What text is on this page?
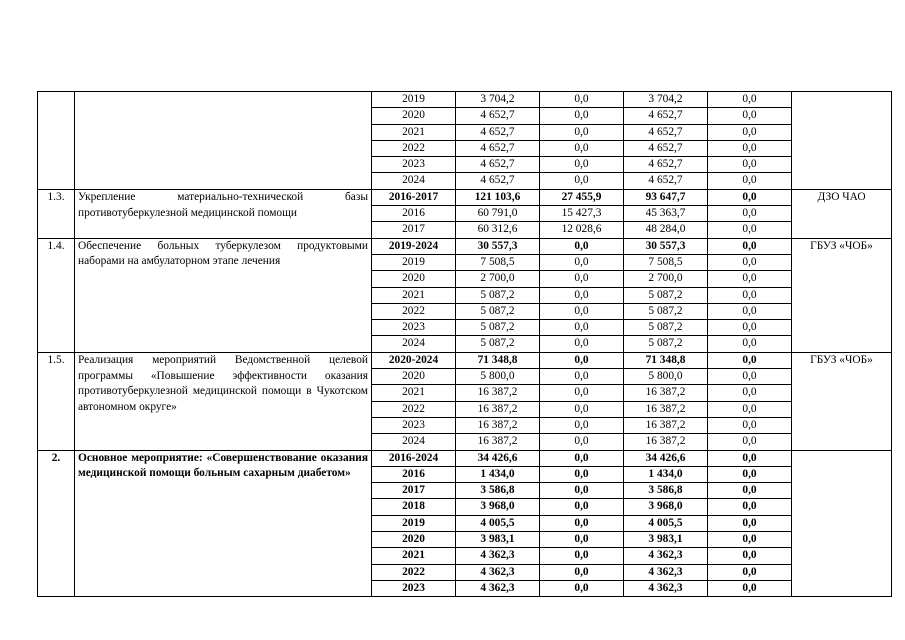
		2019	3 704,2	0,0	3 704,2	0,0	
		2020	4 652,7	0,0	4 652,7	0,0	
		2021	4 652,7	0,0	4 652,7	0,0	
		2022	4 652,7	0,0	4 652,7	0,0	
		2023	4 652,7	0,0	4 652,7	0,0	
		2024	4 652,7	0,0	4 652,7	0,0	
1.3.	Укрепление материально-технической базы противотуберкулезной медицинской помощи	2016-2017	121 103,6	27 455,9	93 647,7	0,0	ДЗО ЧАО
		2016	60 791,0	15 427,3	45 363,7	0,0	
		2017	60 312,6	12 028,6	48 284,0	0,0	
1.4.	Обеспечение больных туберкулезом продуктовыми наборами на амбулаторном этапе лечения	2019-2024	30 557,3	0,0	30 557,3	0,0	ГБУЗ «ЧОБ»
		2019	7 508,5	0,0	7 508,5	0,0	
		2020	2 700,0	0,0	2 700,0	0,0	
		2021	5 087,2	0,0	5 087,2	0,0	
		2022	5 087,2	0,0	5 087,2	0,0	
		2023	5 087,2	0,0	5 087,2	0,0	
		2024	5 087,2	0,0	5 087,2	0,0	
1.5.	Реализация мероприятий Ведомственной целевой программы «Повышение эффективности оказания противотуберкулезной медицинской помощи в Чукотском автономном округе»	2020-2024	71 348,8	0,0	71 348,8	0,0	ГБУЗ «ЧОБ»
		2020	5 800,0	0,0	5 800,0	0,0	
		2021	16 387,2	0,0	16 387,2	0,0	
		2022	16 387,2	0,0	16 387,2	0,0	
		2023	16 387,2	0,0	16 387,2	0,0	
		2024	16 387,2	0,0	16 387,2	0,0	
2.	Основное мероприятие: «Совершенствование оказания медицинской помощи больным сахарным диабетом»	2016-2024	34 426,6	0,0	34 426,6	0,0	
		2016	1 434,0	0,0	1 434,0	0,0	
		2017	3 586,8	0,0	3 586,8	0,0	
		2018	3 968,0	0,0	3 968,0	0,0	
		2019	4 005,5	0,0	4 005,5	0,0	
		2020	3 983,1	0,0	3 983,1	0,0	
		2021	4 362,3	0,0	4 362,3	0,0	
		2022	4 362,3	0,0	4 362,3	0,0	
		2023	4 362,3	0,0	4 362,3	0,0	
